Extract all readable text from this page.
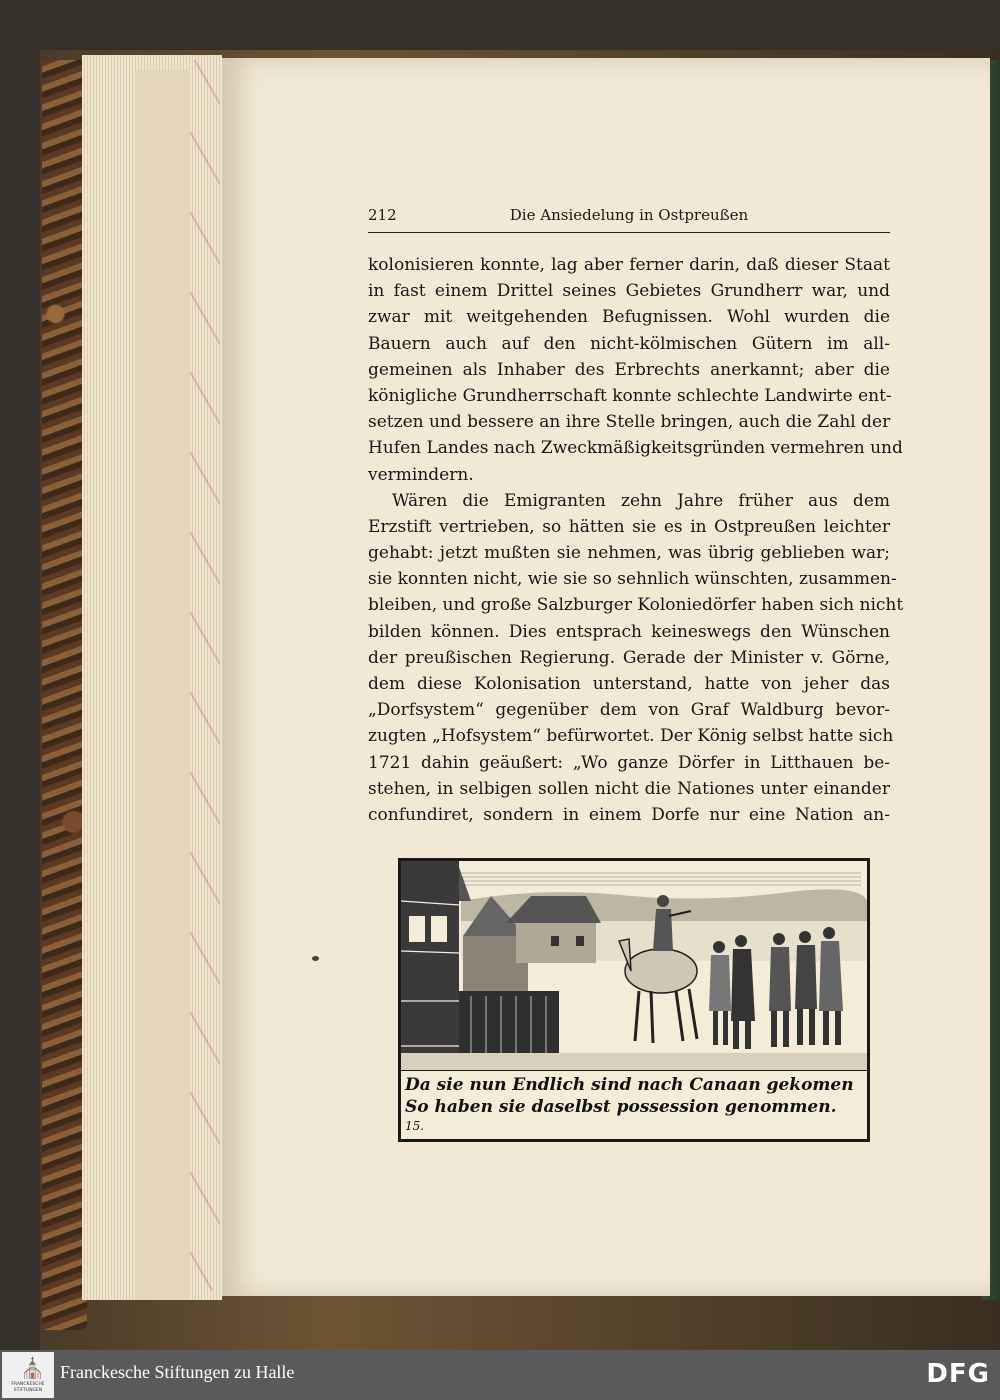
212	Die Ansiedelung in Ostpreußen
kolonisieren konnte, lag aber ferner darin, daß dieser Staat
in fast einem Drittel seines Gebietes Grundherr war, und
zwar mit weitgehenden Befugnissen. Wohl wurden die
Bauern auch auf den nicht-kölmischen Gütern im all-
gemeinen als Inhaber des Erbrechts anerkannt; aber die
königliche Grundherrschaft konnte schlechte Landwirte ent-
setzen und bessere an ihre Stelle bringen, auch die Zahl der
Hufen Landes nach Zweckmäßigkeitsgründen vermehren und
vermindern.
Wären die Emigranten zehn Jahre früher aus dem
Erzstift vertrieben, so hätten sie es in Ostpreußen leichter
gehabt: jetzt mußten sie nehmen, was übrig geblieben war;
sie konnten nicht, wie sie so sehnlich wünschten, zusammen-
bleiben, und große Salzburger Koloniedörfer haben sich nicht
bilden können. Dies entsprach keineswegs den Wünschen
der preußischen Regierung. Gerade der Minister v. Görne,
dem diese Kolonisation unterstand, hatte von jeher das
„Dorfsystem“ gegenüber dem von Graf Waldburg bevor-
zugten „Hofsystem“ befürwortet. Der König selbst hatte sich
1721 dahin geäußert: „Wo ganze Dörfer in Litthauen be-
stehen, in selbigen sollen nicht die Nationes unter einander
confundiret, sondern in einem Dorfe nur eine Nation an-
Da sie nun Endlich sind nach Canaan gekomen
So haben sie daselbst possession genommen.
15.
⛪
FRANCKESCHE STIFTUNGEN
Franckesche Stiftungen zu Halle	DFG
